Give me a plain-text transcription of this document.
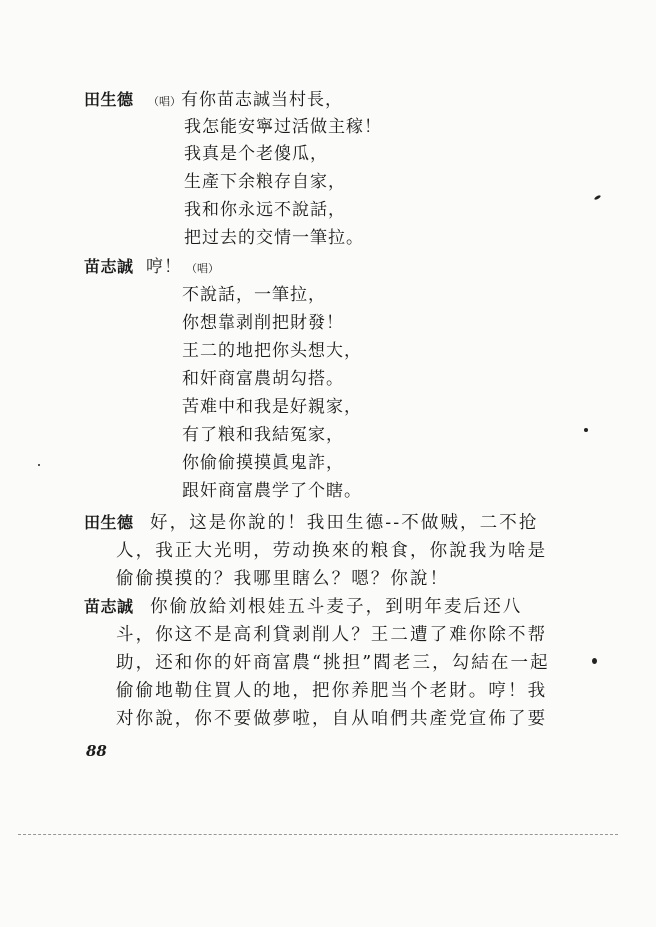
田生德 （唱）有你苗志誠当村長，
我怎能安寧过活做主稼！
我真是个老傻瓜，
生產下余粮存自家，
我和你永远不說話，
把过去的交情一筆拉。
苗志誠 哼！ （唱）
不說話，一筆拉，
你想靠剥削把財發！
王二的地把你头想大，
和奸商富農胡勾搭。
苦难中和我是好親家，
有了粮和我結冤家，
你偷偷摸摸眞鬼詐，
跟奸商富農学了个瞎。
田生德 好，这是你說的！我田生德--不做贼，二不抢
人，我正大光明，劳动换來的粮食，你說我为啥是
偷偷摸摸的？我哪里瞎么？嗯？你說！
苗志誠 你偷放給刘根娃五斗麦子，到明年麦后还八
斗，你这不是高利貸剥削人？王二遭了难你除不帮
助，还和你的奸商富農“挑担”閻老三，勾結在一起
偷偷地勒住買人的地，把你养肥当个老財。哼！我
对你說，你不要做夢啦，自从咱們共產党宣佈了要
88
